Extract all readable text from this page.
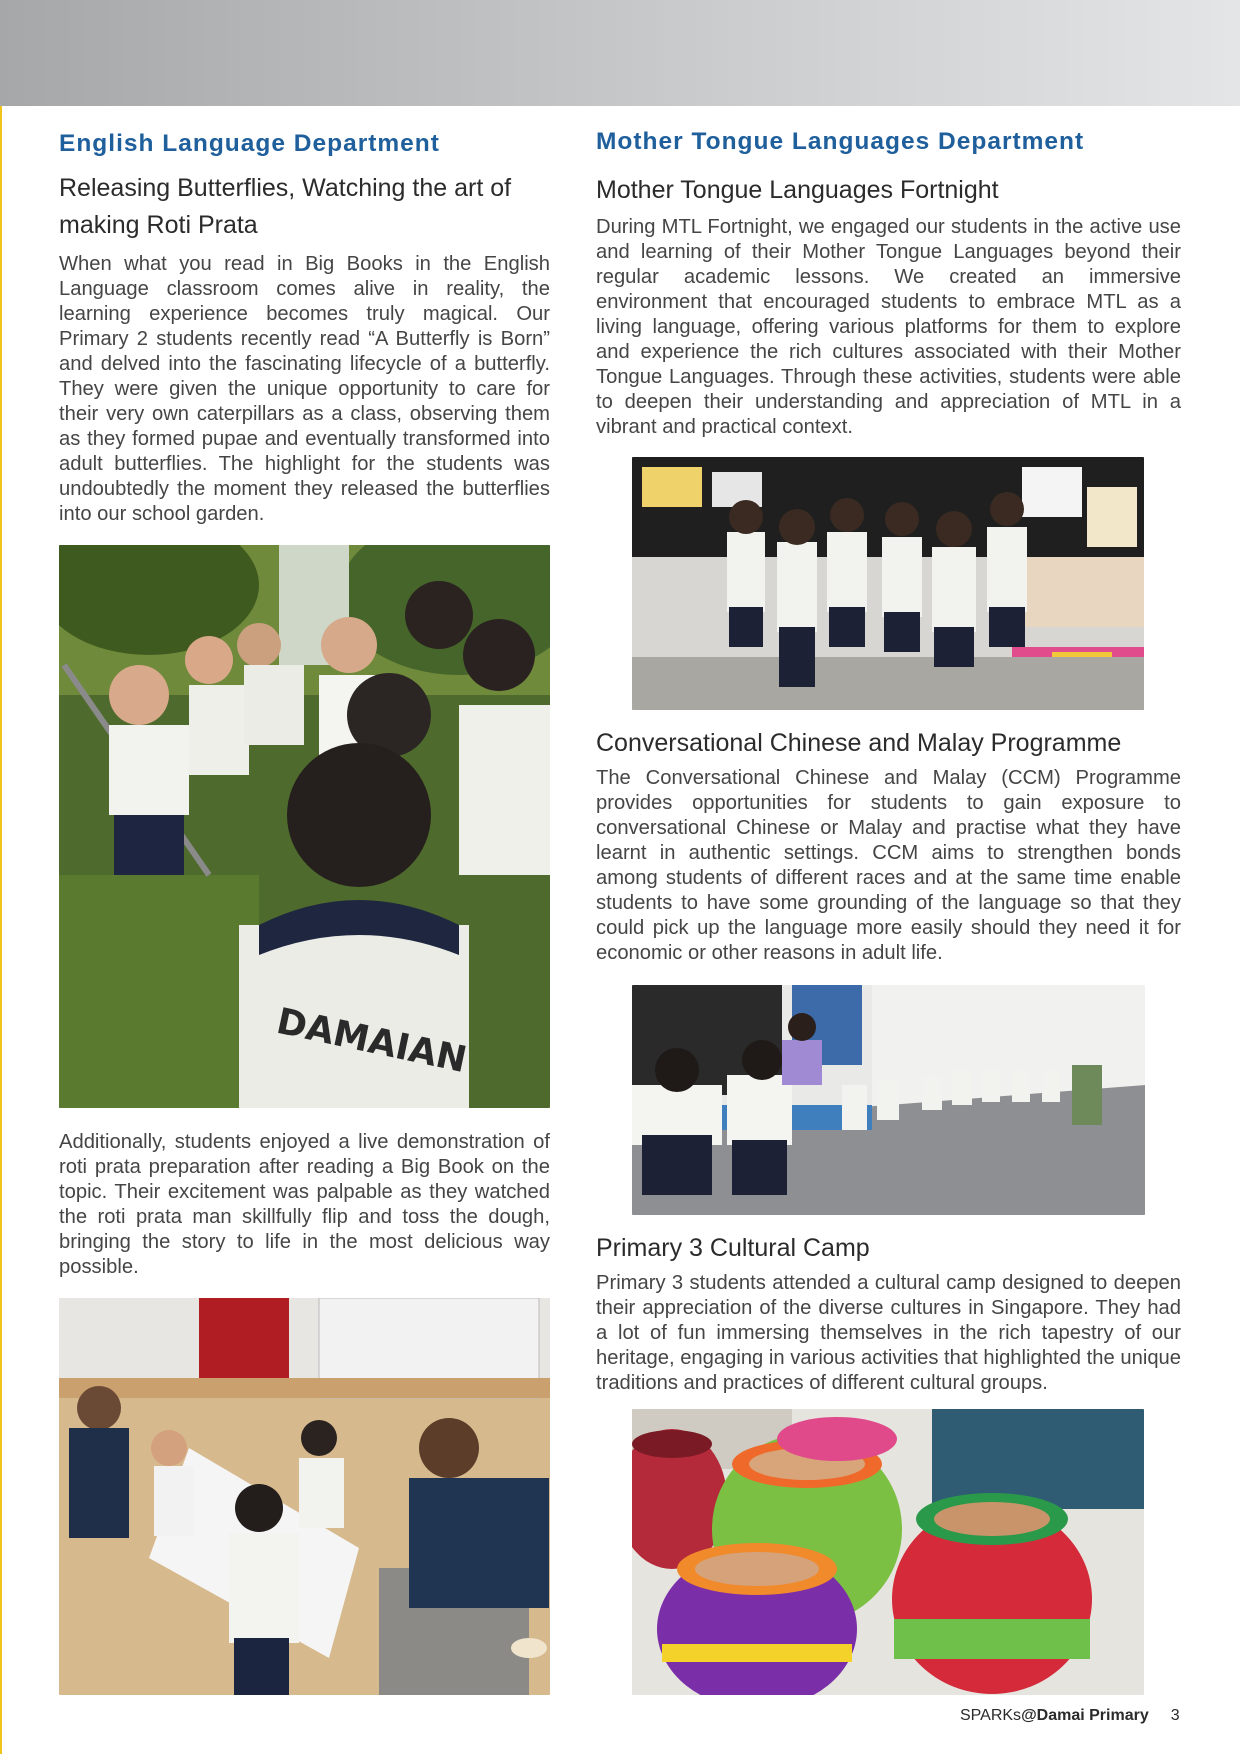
English Language Department
Releasing Butterflies, Watching the art of making Roti Prata

When what you read in Big Books in the English Language classroom comes alive in reality, the learning experience becomes truly magical. Our Primary 2 students recently read “A Butterfly is Born” and delved into the fascinating lifecycle of a butterfly. They were given the unique opportunity to care for their very own caterpillars as a class, observing them as they formed pupae and eventually transformed into adult butterflies. The highlight for the students was undoubtedly the moment they released the butterflies into our school garden.

DAMAIAN

Additionally, students enjoyed a live demonstration of roti prata preparation after reading a Big Book on the topic. Their excitement was palpable as they watched the roti prata man skillfully flip and toss the dough, bringing the story to life in the most delicious way possible.

Mother Tongue Languages Department
Mother Tongue Languages Fortnight

During MTL Fortnight, we engaged our students in the active use and learning of their Mother Tongue Languages beyond their regular academic lessons. We created an immersive environment that encouraged students to embrace MTL as a living language, offering various platforms for them to explore and experience the rich cultures associated with their Mother Tongue Languages. Through these activities, students were able to deepen their understanding and appreciation of MTL in a vibrant and practical context.

Conversational Chinese and Malay Programme

The Conversational Chinese and Malay (CCM) Programme provides opportunities for students to gain exposure to conversational Chinese or Malay and practise what they have learnt in authentic settings. CCM aims to strengthen bonds among students of different races and at the same time enable students to have some grounding of the language so that they could pick up the language more easily should they need it for economic or other reasons in adult life.

Primary 3 Cultural Camp

Primary 3 students attended a cultural camp designed to deepen their appreciation of the diverse cultures in Singapore. They had a lot of fun immersing themselves in the rich tapestry of our heritage, engaging in various activities that highlighted the unique traditions and practices of different cultural groups.

SPARKs@Damai Primary 3
